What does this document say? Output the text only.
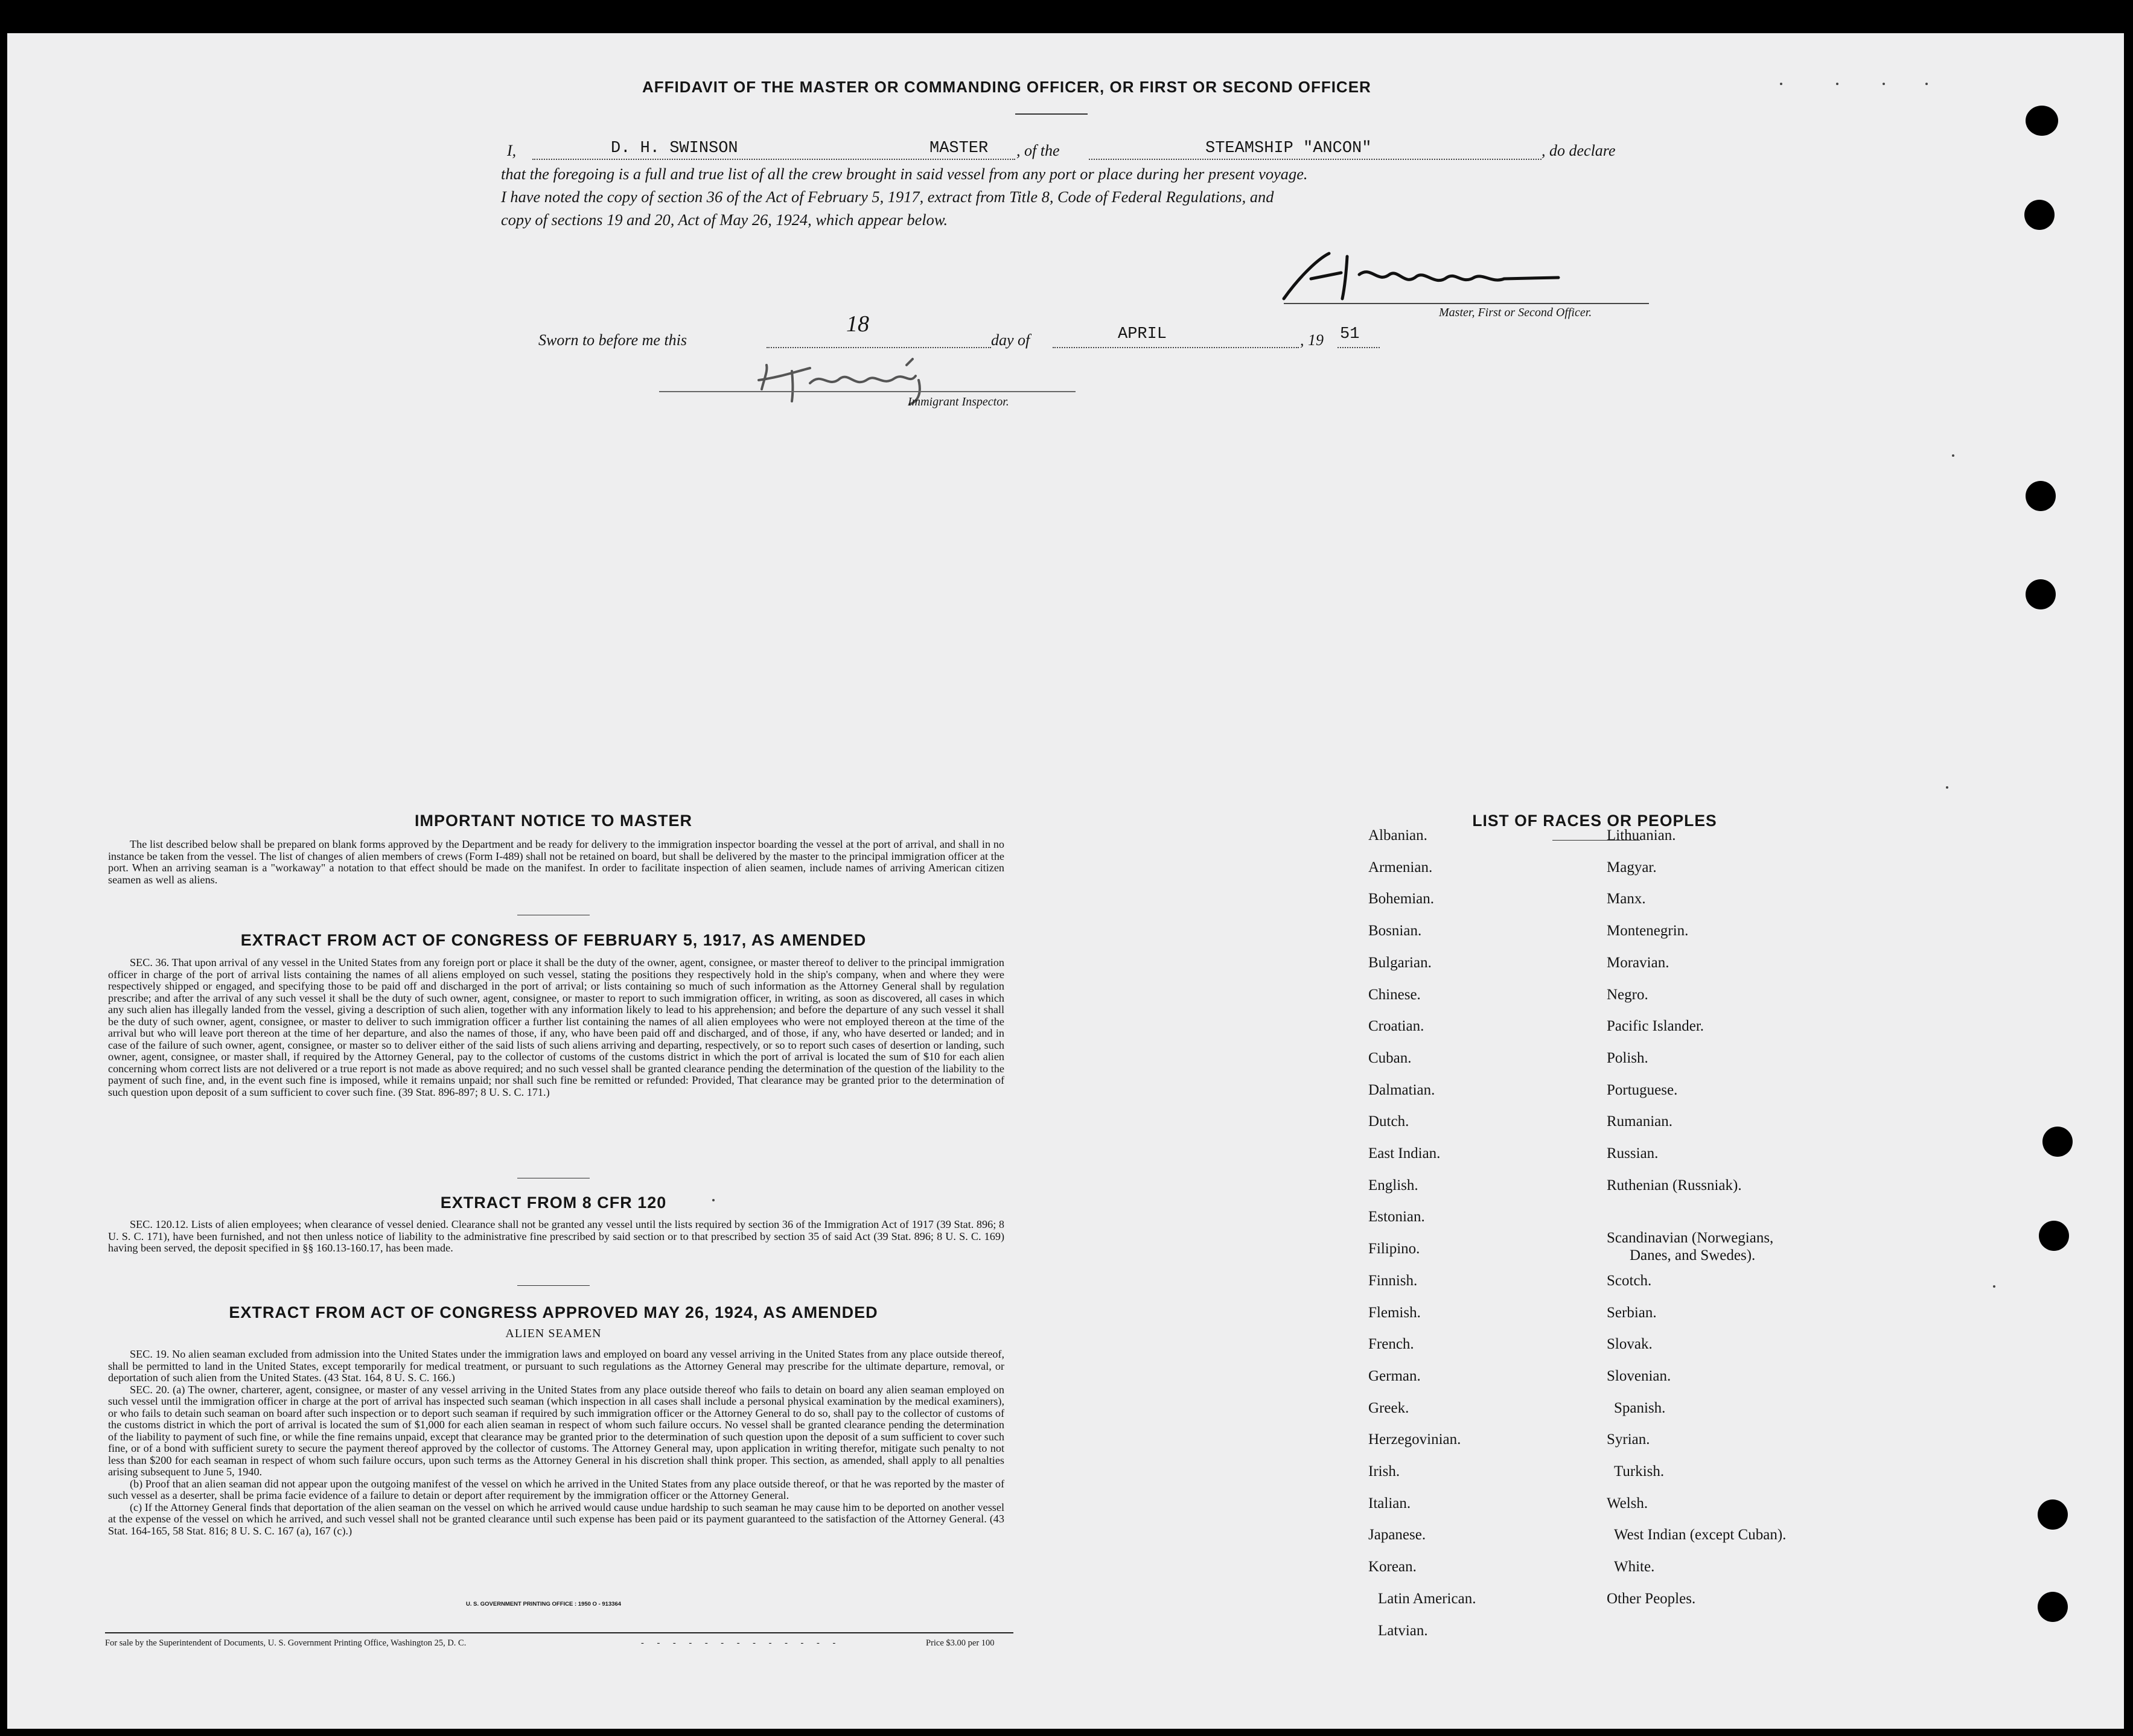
AFFIDAVIT OF THE MASTER OR COMMANDING OFFICER, OR FIRST OR SECOND OFFICER
I,	D. H. SWINSON	MASTER , of the	STEAMSHIP "ANCON"	, do declare
that the foregoing is a full and true list of all the crew brought in said vessel from any port or place during her present voyage.
I have noted the copy of section 36 of the Act of February 5, 1917, extract from Title 8, Code of Federal Regulations, and
copy of sections 19 and 20, Act of May 26, 1924, which appear below.
Master, First or Second Officer.
Sworn to before me this
18
day of	APRIL	, 19 51
Immigrant Inspector.
IMPORTANT NOTICE TO MASTER

The list described below shall be prepared on blank forms approved by the Department and be ready for delivery to the immigration inspector boarding the vessel at the port of arrival, and shall in no instance be taken from the vessel. The list of changes of alien members of crews (Form I-489) shall not be retained on board, but shall be delivered by the master to the principal immigration officer at the port. When an arriving seaman is a "workaway" a notation to that effect should be made on the manifest. In order to facilitate inspection of alien seamen, include names of arriving American citizen seamen as well as aliens.

EXTRACT FROM ACT OF CONGRESS OF FEBRUARY 5, 1917, AS AMENDED

SEC. 36. That upon arrival of any vessel in the United States from any foreign port or place it shall be the duty of the owner, agent, consignee, or master thereof to deliver to the principal immigration officer in charge of the port of arrival lists containing the names of all aliens employed on such vessel, stating the positions they respectively hold in the ship's company, when and where they were respectively shipped or engaged, and specifying those to be paid off and discharged in the port of arrival; or lists containing so much of such information as the Attorney General shall by regulation prescribe; and after the arrival of any such vessel it shall be the duty of such owner, agent, consignee, or master to report to such immigration officer, in writing, as soon as discovered, all cases in which any such alien has illegally landed from the vessel, giving a description of such alien, together with any information likely to lead to his apprehension; and before the departure of any such vessel it shall be the duty of such owner, agent, consignee, or master to deliver to such immigration officer a further list containing the names of all alien employees who were not employed thereon at the time of the arrival but who will leave port thereon at the time of her departure, and also the names of those, if any, who have been paid off and discharged, and of those, if any, who have deserted or landed; and in case of the failure of such owner, agent, consignee, or master so to deliver either of the said lists of such aliens arriving and departing, respectively, or so to report such cases of desertion or landing, such owner, agent, consignee, or master shall, if required by the Attorney General, pay to the collector of customs of the customs district in which the port of arrival is located the sum of $10 for each alien concerning whom correct lists are not delivered or a true report is not made as above required; and no such vessel shall be granted clearance pending the determination of the question of the liability to the payment of such fine, and, in the event such fine is imposed, while it remains unpaid; nor shall such fine be remitted or refunded: Provided, That clearance may be granted prior to the determination of such question upon deposit of a sum sufficient to cover such fine. (39 Stat. 896-897; 8 U. S. C. 171.)

EXTRACT FROM 8 CFR 120

SEC. 120.12. Lists of alien employees; when clearance of vessel denied. Clearance shall not be granted any vessel until the lists required by section 36 of the Immigration Act of 1917 (39 Stat. 896; 8 U. S. C. 171), have been furnished, and not then unless notice of liability to the administrative fine prescribed by said section or to that prescribed by section 35 of said Act (39 Stat. 896; 8 U. S. C. 169) having been served, the deposit specified in §§ 160.13-160.17, has been made.

EXTRACT FROM ACT OF CONGRESS APPROVED MAY 26, 1924, AS AMENDED
ALIEN SEAMEN

SEC. 19. No alien seaman excluded from admission into the United States under the immigration laws and employed on board any vessel arriving in the United States from any place outside thereof, shall be permitted to land in the United States, except temporarily for medical treatment, or pursuant to such regulations as the Attorney General may prescribe for the ultimate departure, removal, or deportation of such alien from the United States. (43 Stat. 164, 8 U. S. C. 166.)

SEC. 20. (a) The owner, charterer, agent, consignee, or master of any vessel arriving in the United States from any place outside thereof who fails to detain on board any alien seaman employed on such vessel until the immigration officer in charge at the port of arrival has inspected such seaman (which inspection in all cases shall include a personal physical examination by the medical examiners), or who fails to detain such seaman on board after such inspection or to deport such seaman if required by such immigration officer or the Attorney General to do so, shall pay to the collector of customs of the customs district in which the port of arrival is located the sum of $1,000 for each alien seaman in respect of whom such failure occurs. No vessel shall be granted clearance pending the determination of the liability to payment of such fine, or while the fine remains unpaid, except that clearance may be granted prior to the determination of such question upon the deposit of a sum sufficient to cover such fine, or of a bond with sufficient surety to secure the payment thereof approved by the collector of customs. The Attorney General may, upon application in writing therefor, mitigate such penalty to not less than $200 for each seaman in respect of whom such failure occurs, upon such terms as the Attorney General in his discretion shall think proper. This section, as amended, shall apply to all penalties arising subsequent to June 5, 1940.

(b) Proof that an alien seaman did not appear upon the outgoing manifest of the vessel on which he arrived in the United States from any place outside thereof, or that he was reported by the master of such vessel as a deserter, shall be prima facie evidence of a failure to detain or deport after requirement by the immigration officer or the Attorney General.

(c) If the Attorney General finds that deportation of the alien seaman on the vessel on which he arrived would cause undue hardship to such seaman he may cause him to be deported on another vessel at the expense of the vessel on which he arrived, and such vessel shall not be granted clearance until such expense has been paid or its payment guaranteed to the satisfaction of the Attorney General. (43 Stat. 164-165, 58 Stat. 816; 8 U. S. C. 167 (a), 167 (c).)

U. S. GOVERNMENT PRINTING OFFICE : 1950 O - 913364
For sale by the Superintendent of Documents, U. S. Government Printing Office, Washington 25, D. C.	- - - - - - - - - - - - -	Price $3.00 per 100
LIST OF RACES OR PEOPLES
Albanian.
Armenian.
Bohemian.
Bosnian.
Bulgarian.
Chinese.
Croatian.
Cuban.
Dalmatian.
Dutch.
East Indian.
English.
Estonian.
Filipino.
Finnish.
Flemish.
French.
German.
Greek.
Herzegovinian.
Irish.
Italian.
Japanese.
Korean.
Latin American.
Latvian.
Lithuanian.
Magyar.
Manx.
Montenegrin.
Moravian.
Negro.
Pacific Islander.
Polish.
Portuguese.
Rumanian.
Russian.
Ruthenian (Russniak).
Scandinavian (Norwegians,
Danes, and Swedes).
Scotch.
Serbian.
Slovak.
Slovenian.
Spanish.
Syrian.
Turkish.
Welsh.
West Indian (except Cuban).
White.
Other Peoples.
